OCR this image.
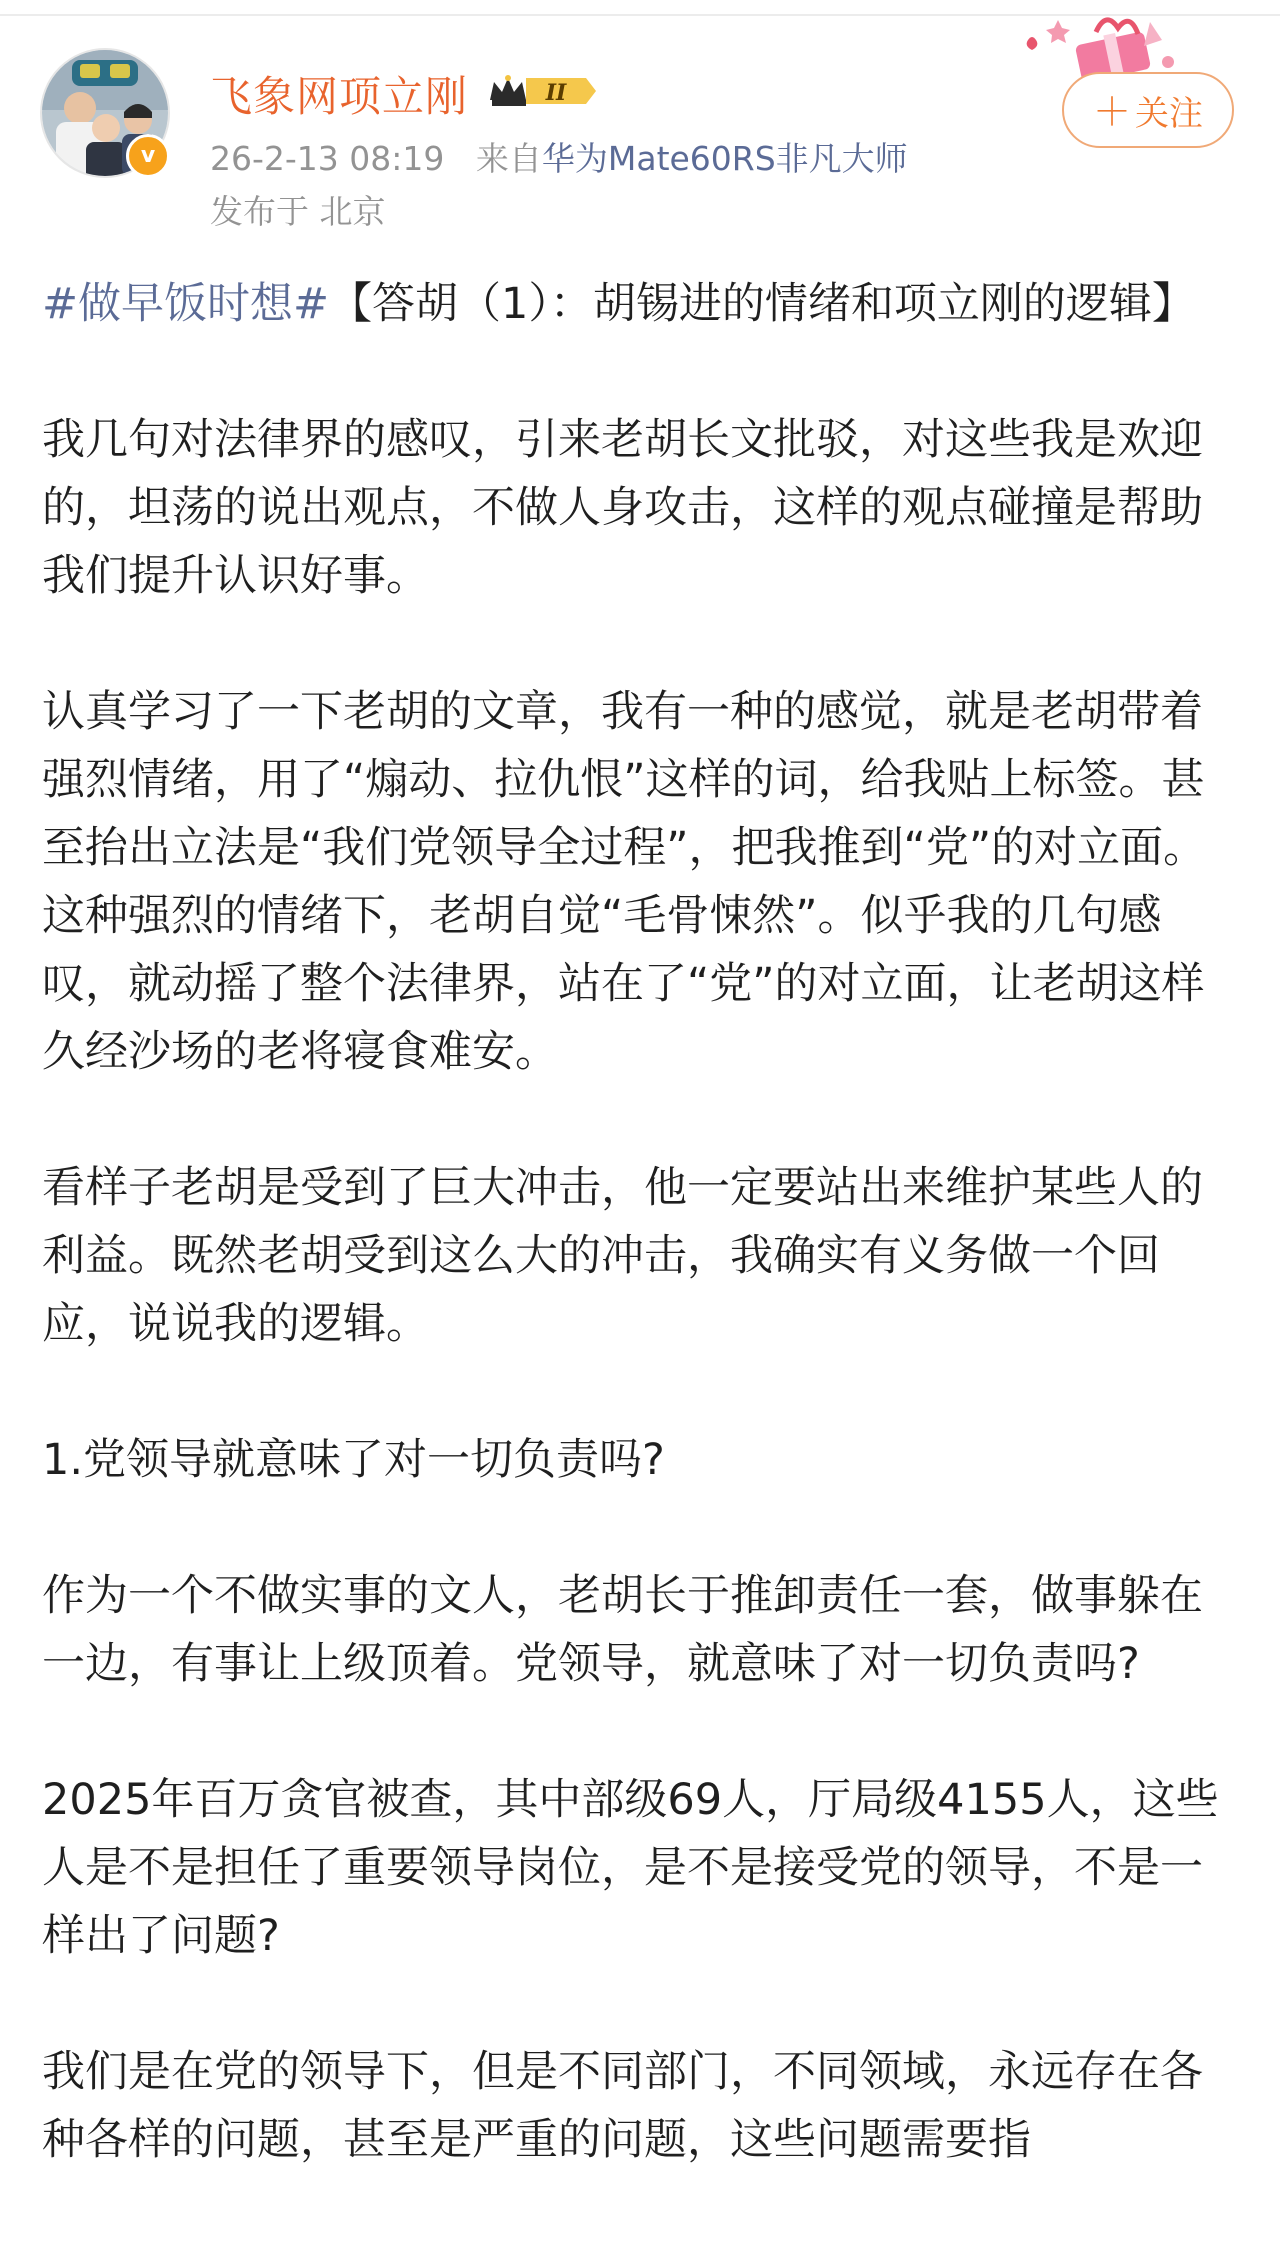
v
飞象网项立刚	II
26-2-13 08:19 来自华为Mate60RS非凡大师
发布于 北京
＋ 关注

#做早饭时想#【答胡（1）：胡锡进的情绪和项立刚的逻辑】

我几句对法律界的感叹，引来老胡长文批驳，对这些我是欢迎的，坦荡的说出观点，不做人身攻击，这样的观点碰撞是帮助我们提升认识好事。

认真学习了一下老胡的文章，我有一种的感觉，就是老胡带着强烈情绪，用了“煽动、拉仇恨”这样的词，给我贴上标签。甚至抬出立法是“我们党领导全过程”，把我推到“党”的对立面。这种强烈的情绪下，老胡自觉“毛骨悚然”。似乎我的几句感叹，就动摇了整个法律界，站在了“党”的对立面，让老胡这样久经沙场的老将寝食难安。

看样子老胡是受到了巨大冲击，他一定要站出来维护某些人的利益。既然老胡受到这么大的冲击，我确实有义务做一个回应，说说我的逻辑。

1.党领导就意味了对一切负责吗?

作为一个不做实事的文人，老胡长于推卸责任一套，做事躲在一边，有事让上级顶着。党领导，就意味了对一切负责吗?

2025年百万贪官被查，其中部级69人，厅局级4155人，这些人是不是担任了重要领导岗位，是不是接受党的领导，不是一样出了问题?

我们是在党的领导下，但是不同部门，不同领域，永远存在各种各样的问题，甚至是严重的问题，这些问题需要指
